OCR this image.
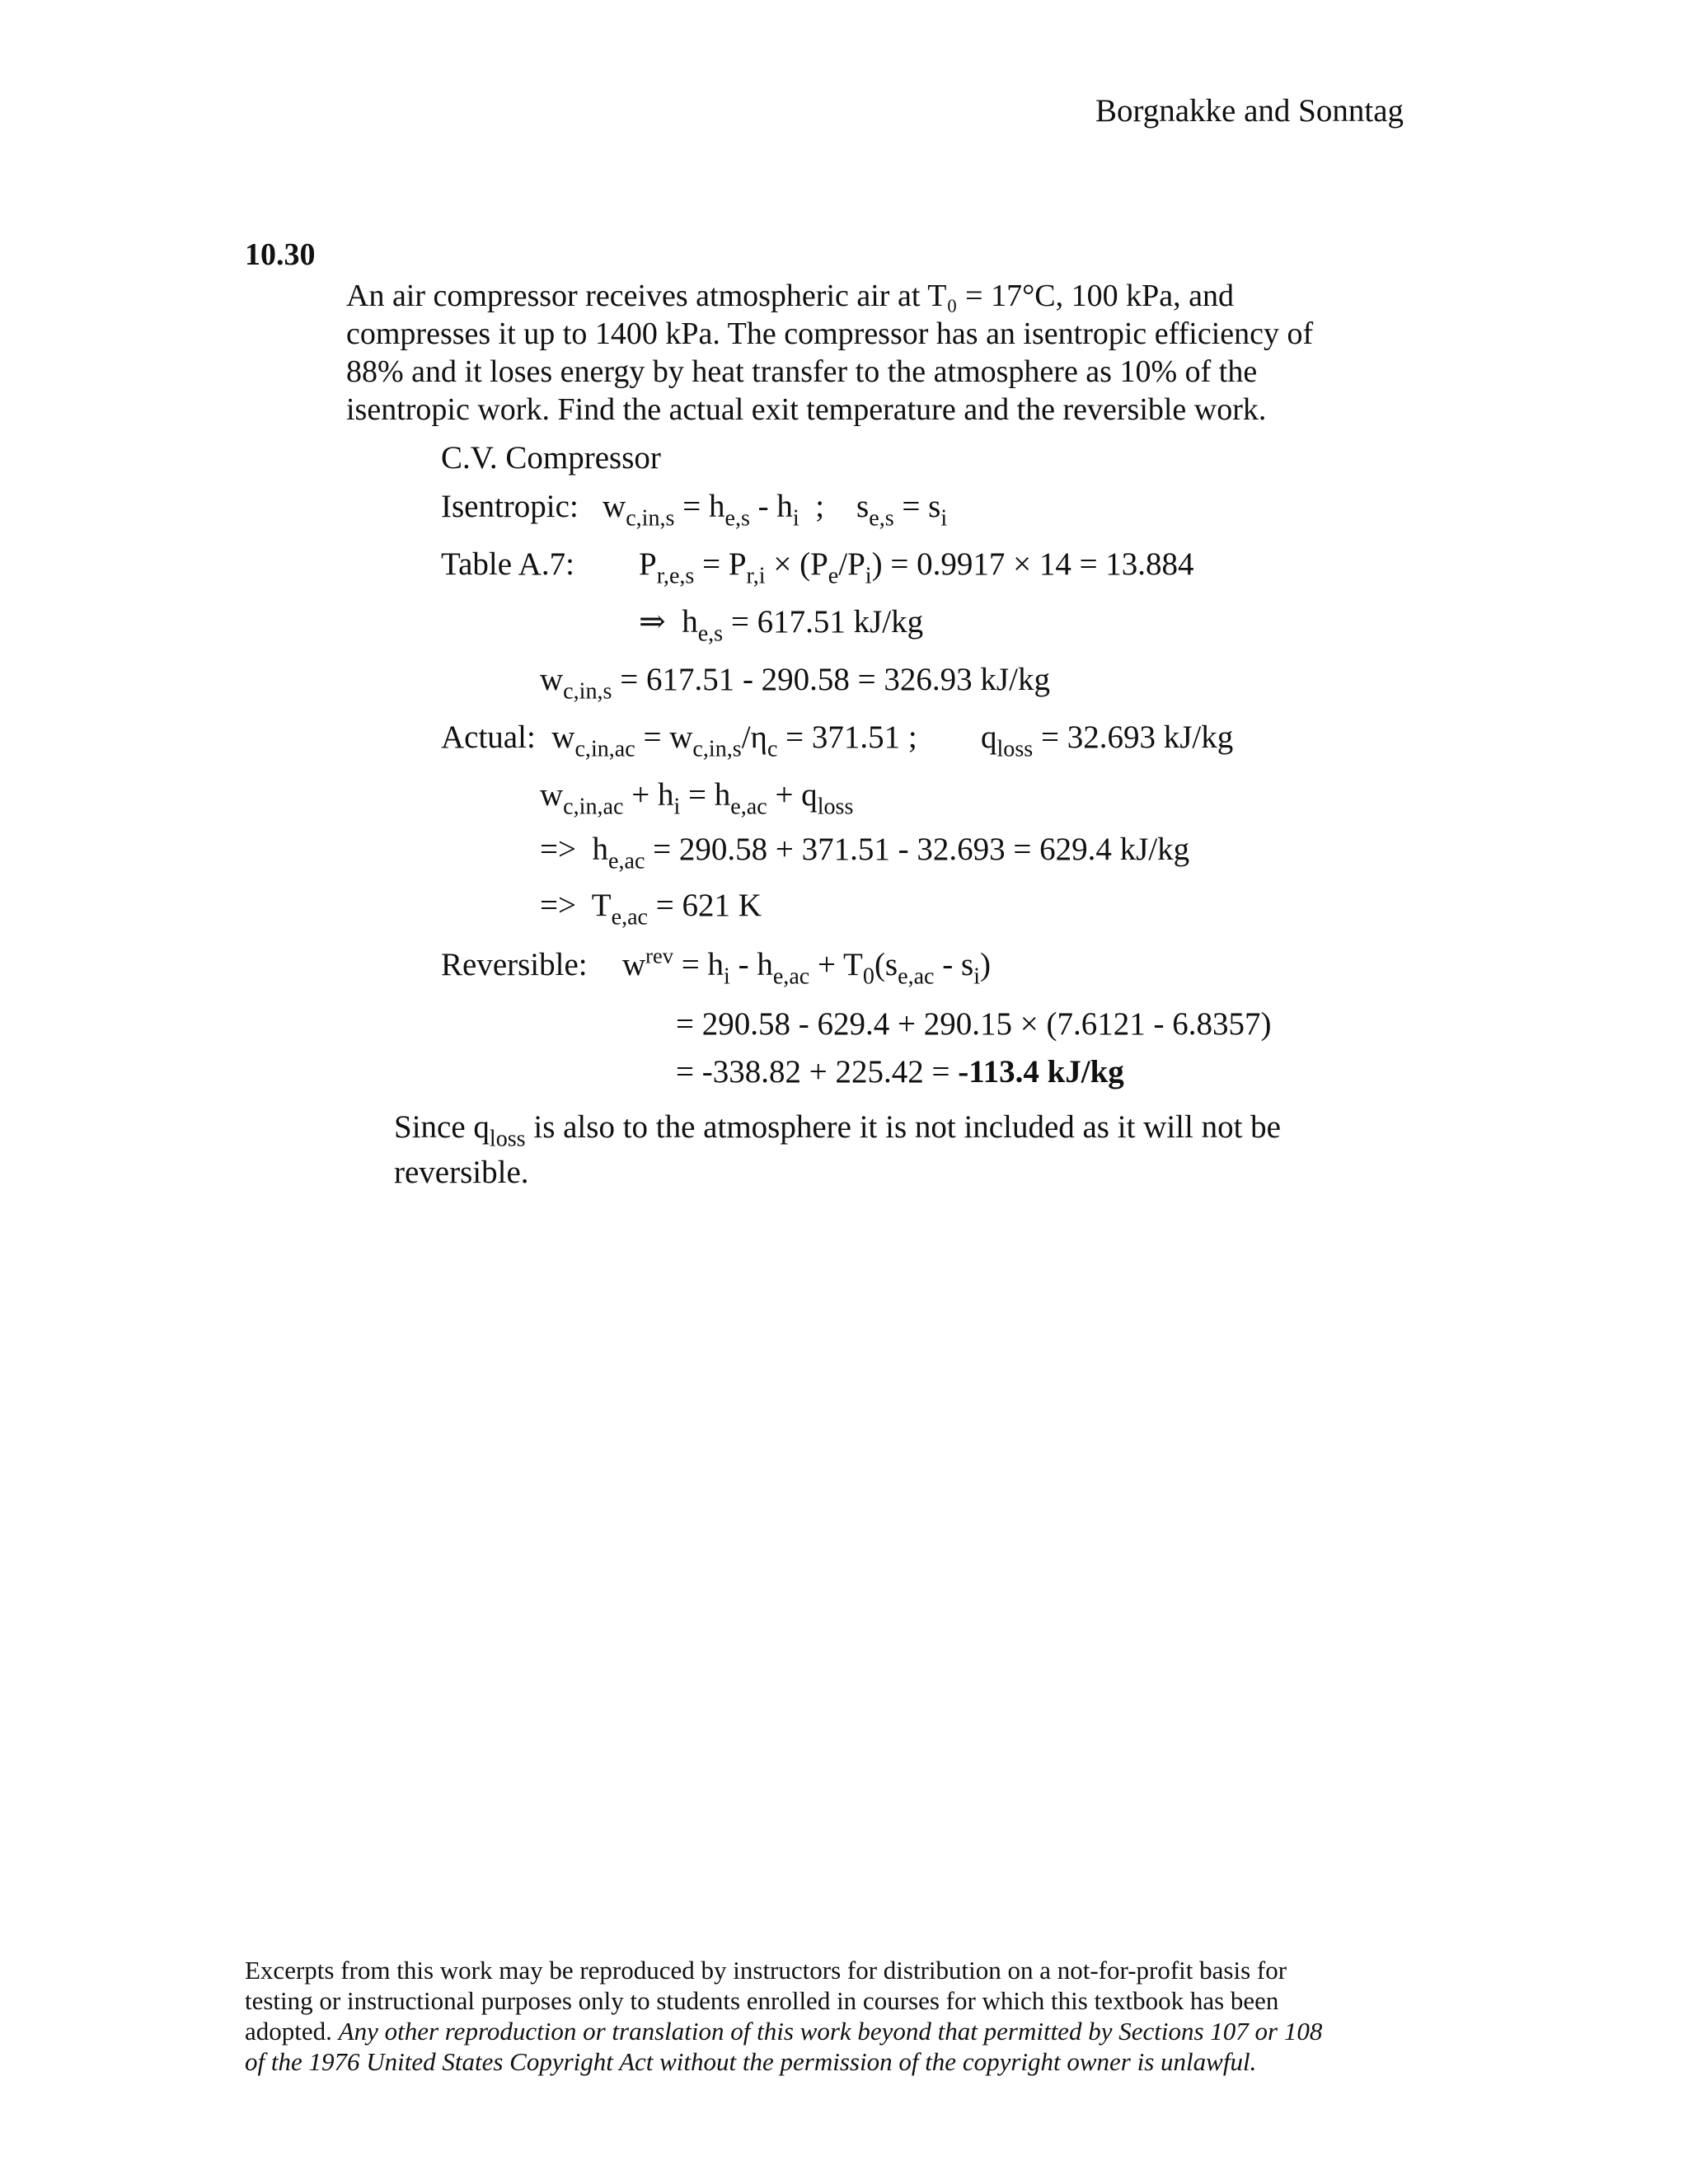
Borgnakke and Sonntag
10.30
An air compressor receives atmospheric air at T₀ = 17°C, 100 kPa, and
compresses it up to 1400 kPa. The compressor has an isentropic efficiency of
88% and it loses energy by heat transfer to the atmosphere as 10% of the
isentropic work. Find the actual exit temperature and the reversible work.
C.V. Compressor
Isentropic:   $w_{c,in,s} = h_{e,s} - h_i$  ;    $s_{e,s} = s_i$
Table A.7: $P_{r,e,s} = P_{r,i} \times (P_e/P_i) = 0.9917 \times 14 = 13.884$
⇒  $h_{e,s} = 617.51$ kJ/kg
$w_{c,in,s} = 617.51 - 290.58 = 326.93$ kJ/kg
Actual:  $w_{c,in,ac} = w_{c,in,s}/\eta_c = 371.51$ ; $q_{loss} = 32.693$ kJ/kg
$w_{c,in,ac} + h_i = h_{e,ac} + q_{loss}$
=>  $h_{e,ac} = 290.58 + 371.51 - 32.693 = 629.4$ kJ/kg
=>  $T_{e,ac} = 621$ K
Reversible: $w^{rev} = h_i - h_{e,ac} + T_0(s_{e,ac} - s_i)$
= 290.58 - 629.4 + 290.15 × (7.6121 - 6.8357)
= -338.82 + 225.42 = -113.4 kJ/kg
Since $q_{loss}$ is also to the atmosphere it is not included as it will not be
reversible.
Excerpts from this work may be reproduced by instructors for distribution on a not-for-profit basis for
testing or instructional purposes only to students enrolled in courses for which this textbook has been
adopted. Any other reproduction or translation of this work beyond that permitted by Sections 107 or 108
of the 1976 United States Copyright Act without the permission of the copyright owner is unlawful.
